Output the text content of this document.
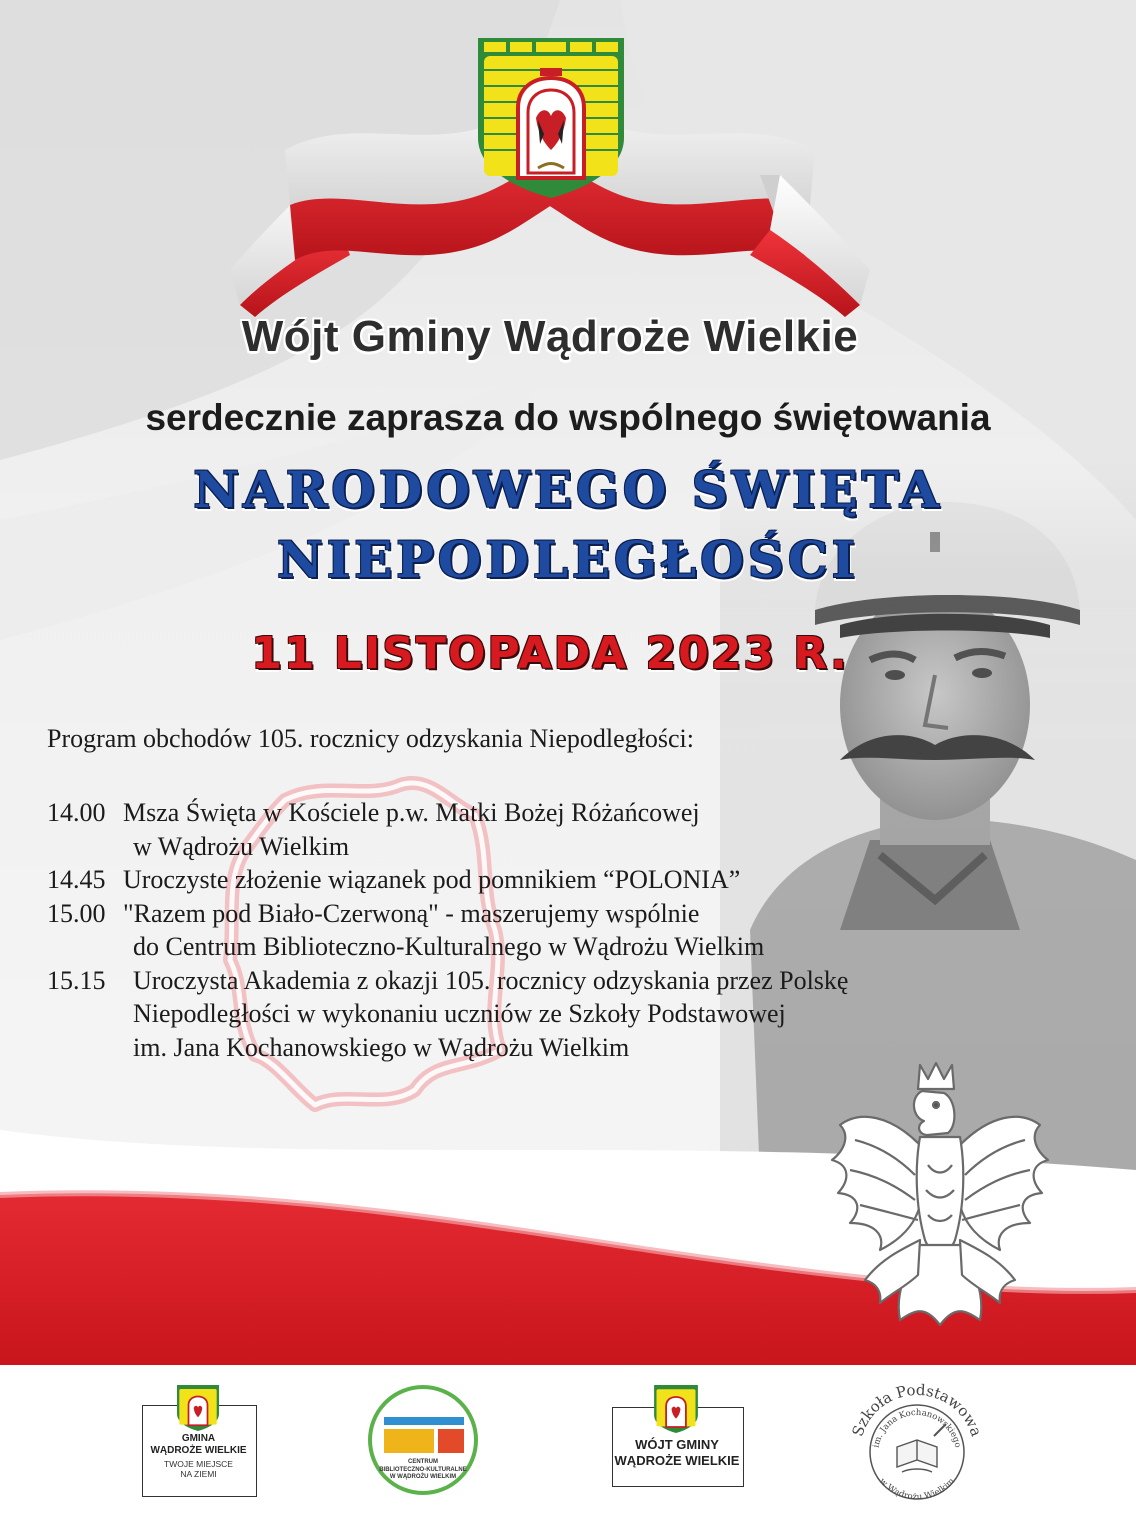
Wójt Gminy Wądroże Wielkie
serdecznie zaprasza do wspólnego świętowania
NARODOWEGO ŚWIĘTA
NIEPODLEGŁOŚCI
11 LISTOPADA 2023 R.
Program obchodów 105. rocznicy odzyskania Niepodległości:
14.00 Msza Święta w Kościele p.w. Matki Bożej Różańcowej
w Wądrożu Wielkim
14.45 Uroczyste złożenie wiązanek pod pomnikiem “POLONIA”
15.00 "Razem pod Biało-Czerwoną" - maszerujemy wspólnie
do Centrum Biblioteczno-Kulturalnego w Wądrożu Wielkim
15.15	Uroczysta Akademia z okazji 105. rocznicy odzyskania przez Polskę
Niepodległości w wykonaniu uczniów ze Szkoły Podstawowej
im. Jana Kochanowskiego w Wądrożu Wielkim
GMINA
WĄDROŻE WIELKIE
TWOJE MIEJSCE
NA ZIEMI
CENTRUM
BIBLIOTECZNO-KULTURALNE
W WĄDROŻU WIELKIM
WÓJT GMINY
WĄDROŻE WIELKIE
Szkoła Podstawowa
im. Jana Kochanowskiego
w Wądrożu Wielkim
